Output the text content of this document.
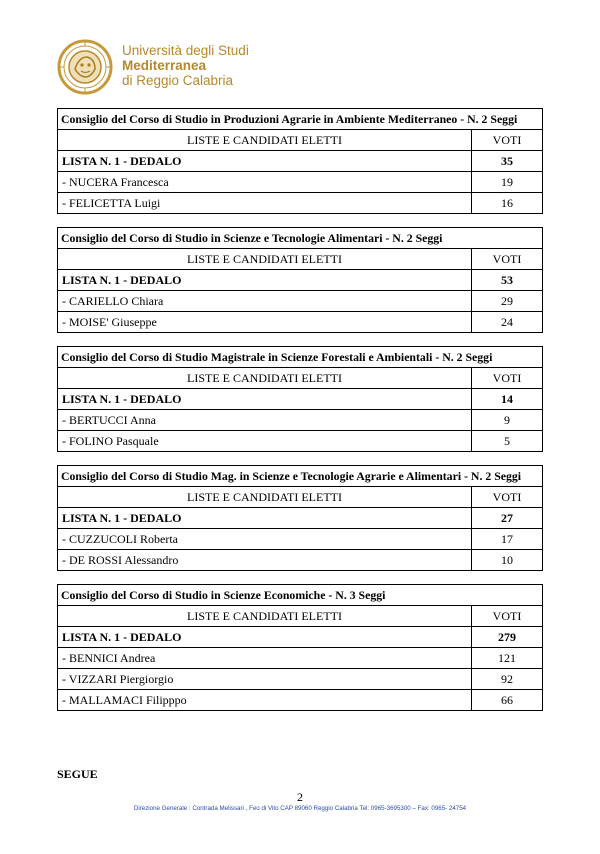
Università degli Studi
Mediterranea
di Reggio Calabria
Consiglio del Corso di Studio in Produzioni Agrarie in Ambiente Mediterraneo - N. 2 Seggi	
LISTE E CANDIDATI ELETTI	VOTI
LISTA N. 1 - DEDALO	35
- NUCERA Francesca	19
- FELICETTA Luigi	16
Consiglio del Corso di Studio in Scienze e Tecnologie Alimentari - N. 2 Seggi	
LISTE E CANDIDATI ELETTI	VOTI
LISTA N. 1 - DEDALO	53
- CARIELLO Chiara	29
- MOISE' Giuseppe	24
Consiglio del Corso di Studio Magistrale in Scienze Forestali e Ambientali - N. 2 Seggi	
LISTE E CANDIDATI ELETTI	VOTI
LISTA N. 1 - DEDALO	14
- BERTUCCI Anna	9
- FOLINO Pasquale	5
Consiglio del Corso di Studio Mag. in Scienze e Tecnologie Agrarie e Alimentari - N. 2 Seggi	
LISTE E CANDIDATI ELETTI	VOTI
LISTA N. 1 - DEDALO	27
- CUZZUCOLI Roberta	17
- DE ROSSI Alessandro	10
Consiglio del Corso di Studio in Scienze Economiche - N. 3 Seggi	
LISTE E CANDIDATI ELETTI	VOTI
LISTA N. 1 - DEDALO	279
- BENNICI Andrea	121
- VIZZARI Piergiorgio	92
- MALLAMACI Filipppo	66
SEGUE
2
Direzione Generale : Contrada Melissari , Feo di Vito CAP 89060 Reggio Calabria Tel: 0965-3695300 – Fax: 0965- 24754
